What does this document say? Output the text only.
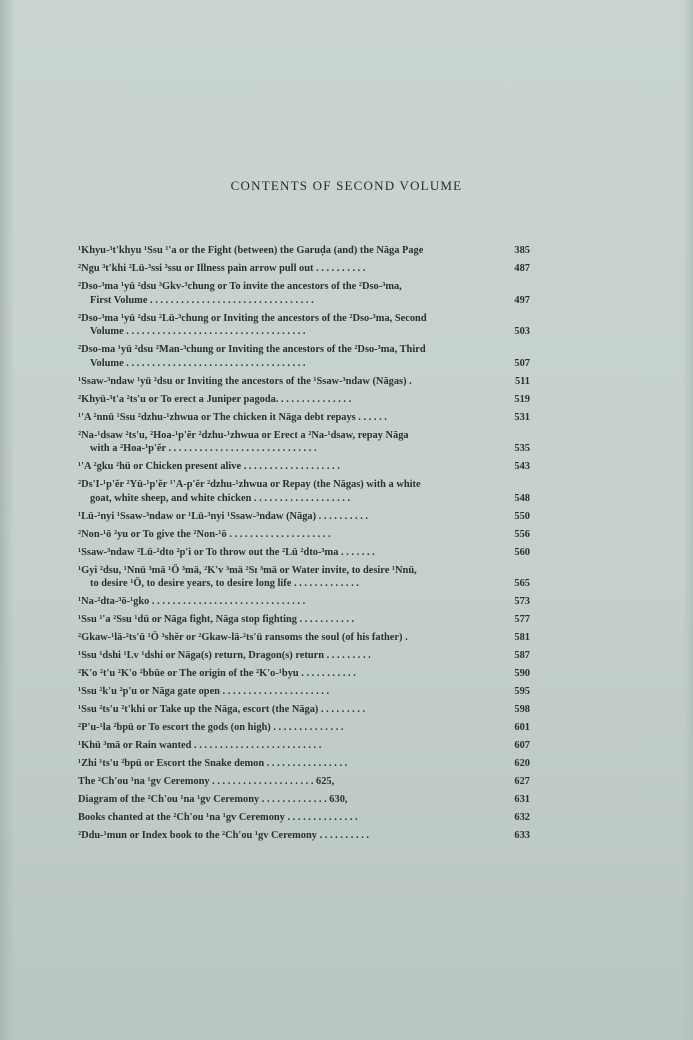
CONTENTS OF SECOND VOLUME
¹Khyu-³t'khyu ¹Ssu ¹'a or the Fight (between) the Garuḍa (and) the Nāga Page	385
²Ngu ³t'khi ²Lü-³ssi ³ssu or Illness pain arrow pull out . . . . . . . . . .	487
²Dso-³ma ¹yü ²dsu ³Gkv-³chung or To invite the ancestors of the ²Dso-³ma,
First Volume . . . . . . . . . . . . . . . . . . . . . . . . . . . . . . . .	497
²Dso-³ma ¹yü ²dsu ²Lü-³chung or Inviting the ancestors of the ²Dso-³ma, Second
Volume . . . . . . . . . . . . . . . . . . . . . . . . . . . . . . . . . . .	503
²Dso-ma ¹yü ²dsu ²Man-³chung or Inviting the ancestors of the ²Dso-³ma, Third
Volume . . . . . . . . . . . . . . . . . . . . . . . . . . . . . . . . . . .	507
¹Ssaw-³ndaw ¹yü ²dsu or Inviting the ancestors of the ¹Ssaw-³ndaw (Nāgas) .	511
²Khyü-³t'a ²ts'u or To erect a Juniper pagoda. . . . . . . . . . . . . . .	519
¹'A ²nnü ¹Ssu ²dzhu-¹zhwua or The chicken it Nāga debt repays . . . . . .	531
²Na-¹dsaw ²ts'u, ²Hoa-¹p'ĕr ²dzhu-¹zhwua or Erect a ²Na-¹dsaw, repay Nāga
with a ²Hoa-¹p'ĕr . . . . . . . . . . . . . . . . . . . . . . . . . . . . .	535
¹'A ²gku ²hü or Chicken present alive . . . . . . . . . . . . . . . . . . .	543
²Ds'I-¹p'ĕr ²Yü-¹p'ĕr ¹'A-p'ĕr ²dzhu-¹zhwua or Repay (the Nāgas) with a white
goat, white sheep, and white chicken . . . . . . . . . . . . . . . . . . .	548
¹Lü-²nyi ¹Ssaw-³ndaw or ¹Lü-³nyi ¹Ssaw-³ndaw (Nāga) . . . . . . . . . .	550
²Non-¹ō ²yu or To give the ²Non-¹ō . . . . . . . . . . . . . . . . . . . .	556
¹Ssaw-³ndaw ²Lü-²dto ²p'i or To throw out the ²Lü ²dto-³ma . . . . . . .	560
¹Gyi ²dsu, ¹Nnü ³mä ¹Ö ³mä, ²K'v ³mä ²Sɪ ³mä or Water invite, to desire ¹Nnü,
to desire ¹Ö, to desire years, to desire long life . . . . . . . . . . . . .	565
¹Na-²dta-³ō-¹gko . . . . . . . . . . . . . . . . . . . . . . . . . . . . . .	573
¹Ssu ¹'a ²Ssu ¹dü or Nāga fight, Nāga stop fighting . . . . . . . . . . .	577
²Gkaw-¹lā-²ts'ü ¹Ö ³shĕr or ²Gkaw-lā-²ts'ü ransoms the soul (of his father) .	581
¹Ssu ¹dshi ¹Lv ¹dshi or Nāga(s) return, Dragon(s) return . . . . . . . . .	587
²K'o ²t'u ²K'o ²bbüe or The origin of the ²K'o-¹byu . . . . . . . . . . .	590
¹Ssu ²k'u ²p'u or Nāga gate open . . . . . . . . . . . . . . . . . . . . .	595
¹Ssu ²ts'u ²t'khi or Take up the Nāga, escort (the Nāga) . . . . . . . . .	598
²P'u-¹la ²bpü or To escort the gods (on high) . . . . . . . . . . . . . .	601
¹Khü ³mā or Rain wanted . . . . . . . . . . . . . . . . . . . . . . . . .	607
¹Zhi ¹ts'u ²bpü or Escort the Snake demon . . . . . . . . . . . . . . . .	620
The ²Ch'ou ¹na ¹gv Ceremony . . . . . . . . . . . . . . . . . . . . 625,	627
Diagram of the ²Ch'ou ¹na ¹gv Ceremony . . . . . . . . . . . . . 630,	631
Books chanted at the ²Ch'ou ¹na ¹gv Ceremony . . . . . . . . . . . . . .	632
²Ddu-¹mun or Index book to the ²Ch'ou ¹gv Ceremony . . . . . . . . . .	633
